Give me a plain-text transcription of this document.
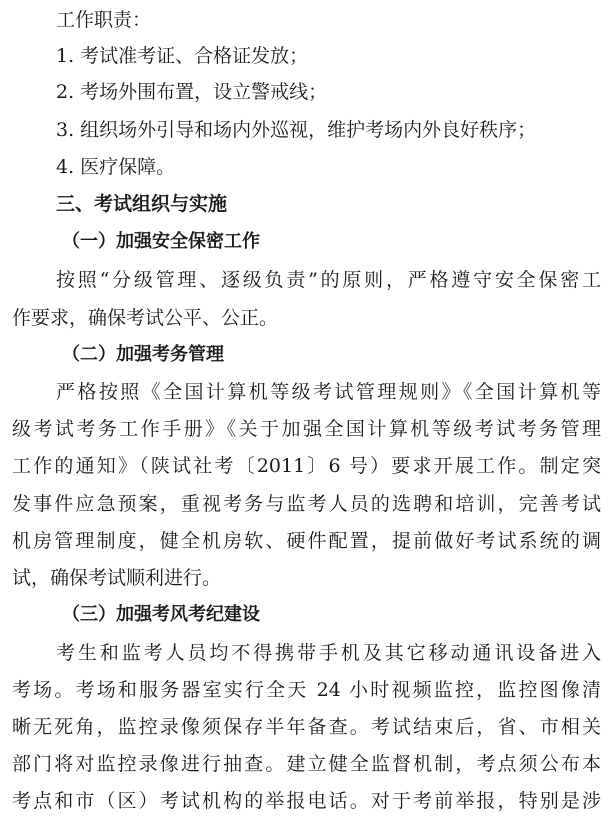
工作职责：
1. 考试准考证、合格证发放；
2. 考场外围布置，设立警戒线；
3. 组织场外引导和场内外巡视，维护考场内外良好秩序；
4. 医疗保障。
三、考试组织与实施
（一）加强安全保密工作
按照“分级管理、逐级负责”的原则，严格遵守安全保密工
作要求，确保考试公平、公正。
（二）加强考务管理
严格按照《全国计算机等级考试管理规则》《全国计算机等
级考试考务工作手册》《关于加强全国计算机等级考试考务管理
工作的通知》（陕试社考〔2011〕6 号）要求开展工作。制定突
发事件应急预案，重视考务与监考人员的选聘和培训，完善考试
机房管理制度，健全机房软、硬件配置，提前做好考试系统的调
试，确保考试顺利进行。
（三）加强考风考纪建设
考生和监考人员均不得携带手机及其它移动通讯设备进入
考场。考场和服务器室实行全天 24 小时视频监控，监控图像清
晰无死角，监控录像须保存半年备查。考试结束后，省、市相关
部门将对监控录像进行抽查。建立健全监督机制，考点须公布本
考点和市（区）考试机构的举报电话。对于考前举报，特别是涉
